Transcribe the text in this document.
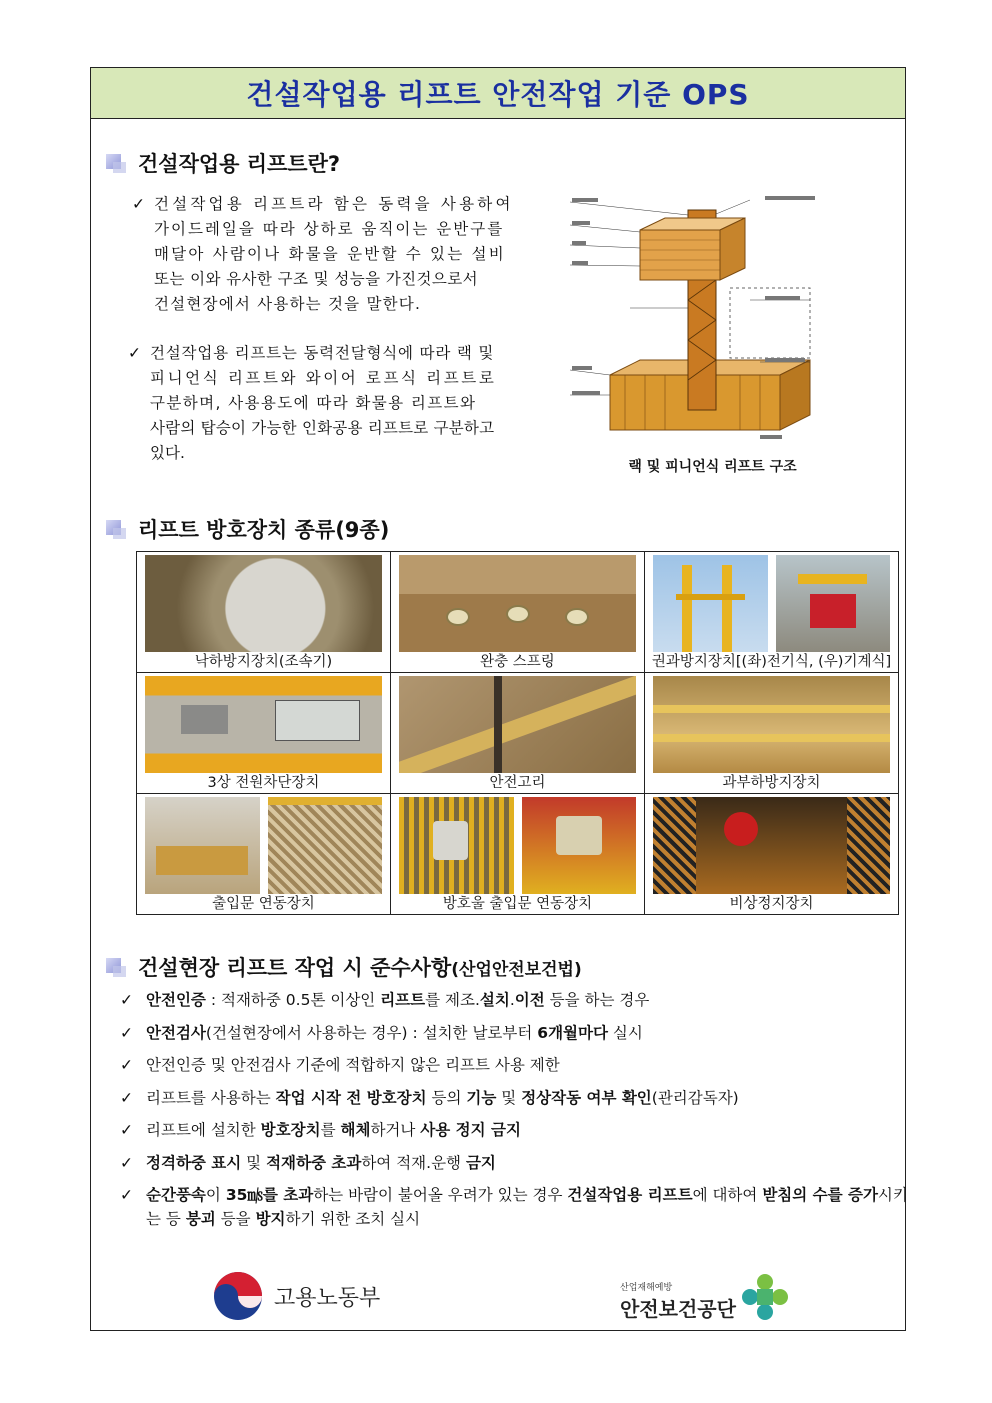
건설작업용 리프트 안전작업 기준 OPS
건설작업용 리프트란?
✓ 건설작업용 리프트라 함은 동력을 사용하여
가이드레일을 따라 상하로 움직이는 운반구를
매달아 사람이나 화물을 운반할 수 있는 설비
또는 이와 유사한 구조 및 성능을 가진것으로서
건설현장에서 사용하는 것을 말한다.
✓ 건설작업용 리프트는 동력전달형식에 따라 랙 및
피니언식 리프트와 와이어 로프식 리프트로
구분하며, 사용용도에 따라 화물용 리프트와
사람의 탑승이 가능한 인화공용 리프트로 구분하고
있다.
랙 및 피니언식 리프트 구조
리프트 방호장치 종류(9종)
낙하방지장치(조속기)	완충 스프링	권과방지장치[(좌)전기식, (우)기계식]

3상 전원차단장치	안전고리	과부하방지장치

출입문 연동장치	방호울 출입문 연동장치	비상정지장치
건설현장 리프트 작업 시 준수사항(산업안전보건법)
✓ 안전인증 : 적재하중 0.5톤 이상인 리프트를 제조.설치.이전 등을 하는 경우
✓ 안전검사(건설현장에서 사용하는 경우) : 설치한 날로부터 6개월마다 실시
✓ 안전인증 및 안전검사 기준에 적합하지 않은 리프트 사용 제한
✓ 리프트를 사용하는 작업 시작 전 방호장치 등의 기능 및 정상작동 여부 확인(관리감독자)
✓ 리프트에 설치한 방호장치를 해체하거나 사용 정지 금지
✓ 정격하중 표시 및 적재하중 초과하여 적재.운행 금지
✓ 순간풍속이 35㎧를 초과하는 바람이 불어올 우려가 있는 경우 건설작업용 리프트에 대하여 받침의 수를 증가시키는 등 붕괴 등을 방지하기 위한 조치 실시
고용노동부	산업재해예방
안전보건공단
